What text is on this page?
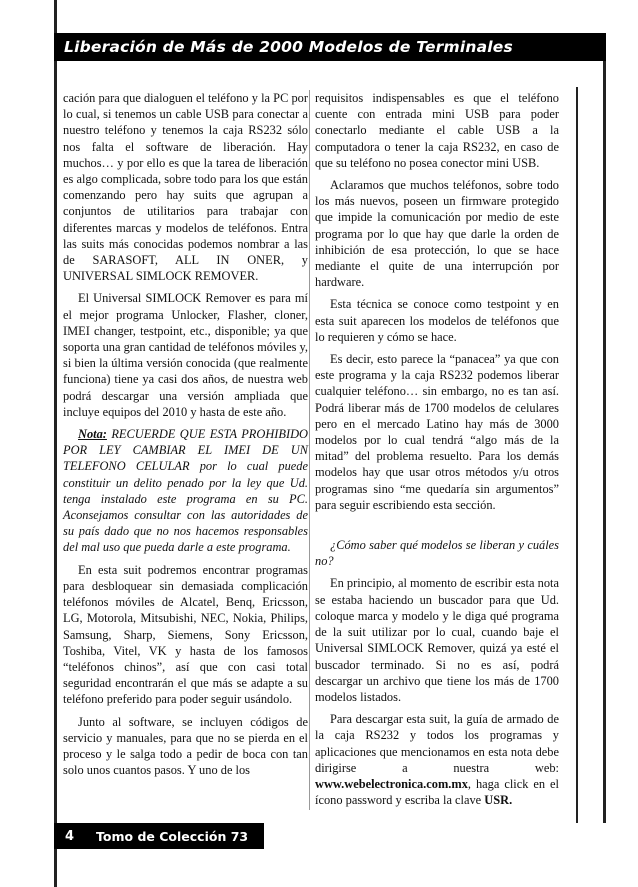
Liberación de Más de 2000 Modelos de Terminales

cación para que dialoguen el teléfono y la PC por lo cual, si tenemos un cable USB para conectar a nuestro teléfono y tenemos la caja RS232 sólo nos falta el software de liberación. Hay muchos… y por ello es que la tarea de liberación es algo complicada, sobre todo para los que están comenzando pero hay suits que agrupan a conjuntos de utilitarios para trabajar con diferentes marcas y modelos de teléfonos. Entra las suits más conocidas podemos nombrar a las de SARASOFT, ALL IN ONER, y UNIVERSAL SIMLOCK REMOVER.

El Universal SIMLOCK Remover es para mí el mejor programa Unlocker, Flasher, cloner, IMEI changer, testpoint, etc., disponible; ya que soporta una gran cantidad de teléfonos móviles y, si bien la última versión conocida (que realmente funciona) tiene ya casi dos años, de nuestra web podrá descargar una versión ampliada que incluye equipos del 2010 y hasta de este año.

Nota: RECUERDE QUE ESTA PROHIBIDO POR LEY CAMBIAR EL IMEI DE UN TELEFONO CELULAR por lo cual puede constituir un delito penado por la ley que Ud. tenga instalado este programa en su PC. Aconsejamos consultar con las autoridades de su país dado que no nos hacemos responsables del mal uso que pueda darle a este programa.

En esta suit podremos encontrar programas para desbloquear sin demasiada complicación teléfonos móviles de Alcatel, Benq, Ericsson, LG, Motorola, Mitsubishi, NEC, Nokia, Philips, Samsung, Sharp, Siemens, Sony Ericsson, Toshiba, Vitel, VK y hasta de los famosos “teléfonos chinos”, así que con casi total seguridad encontrarán el que más se adapte a su teléfono preferido para poder seguir usándolo.

Junto al software, se incluyen códigos de servicio y manuales, para que no se pierda en el proceso y le salga todo a pedir de boca con tan solo unos cuantos pasos. Y uno de los

requisitos indispensables es que el teléfono cuente con entrada mini USB para poder conectarlo mediante el cable USB a la computadora o tener la caja RS232, en caso de que su teléfono no posea conector mini USB.

Aclaramos que muchos teléfonos, sobre todo los más nuevos, poseen un firmware protegido que impide la comunicación por medio de este programa por lo que hay que darle la orden de inhibición de esa protección, lo que se hace mediante el quite de una interrupción por hardware.

Esta técnica se conoce como testpoint y en esta suit aparecen los modelos de teléfonos que lo requieren y cómo se hace.

Es decir, esto parece la “panacea” ya que con este programa y la caja RS232 podemos liberar cualquier teléfono… sin embargo, no es tan así. Podrá liberar más de 1700 modelos de celulares pero en el mercado Latino hay más de 3000 modelos por lo cual tendrá “algo más de la mitad” del problema resuelto. Para los demás modelos hay que usar otros métodos y/u otros programas sino “me quedaría sin argumentos” para seguir escribiendo esta sección.

¿Cómo saber qué modelos se liberan y cuáles no?

En principio, al momento de escribir esta nota se estaba haciendo un buscador para que Ud. coloque marca y modelo y le diga qué programa de la suit utilizar por lo cual, cuando baje el Universal SIMLOCK Remover, quizá ya esté el buscador terminado. Si no es así, podrá descargar un archivo que tiene los más de 1700 modelos listados.

Para descargar esta suit, la guía de armado de la caja RS232 y todos los programas y aplicaciones que mencionamos en esta nota debe dirigirse a nuestra web: www.webelectronica.com.mx, haga click en el ícono password y escriba la clave USR.

4 Tomo de Colección 73
